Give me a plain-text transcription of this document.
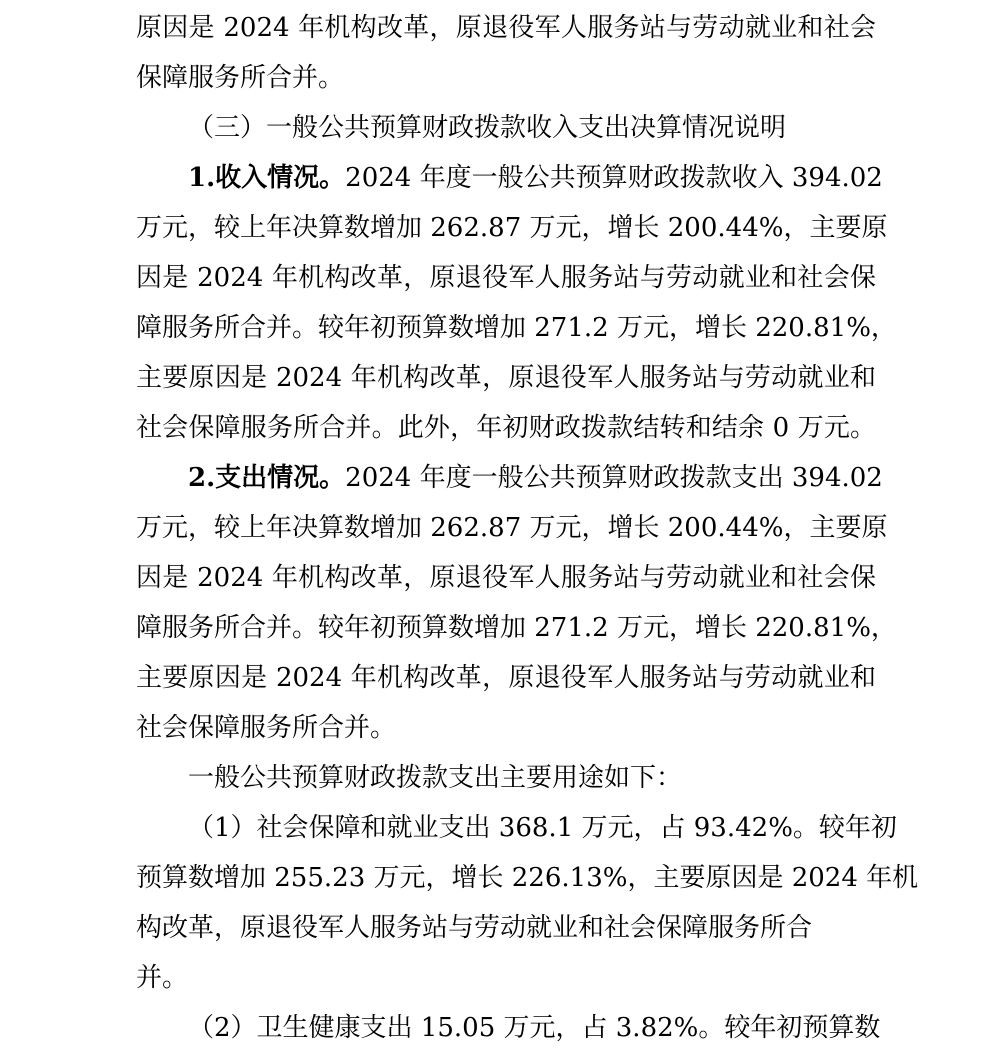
原因是 2024 年机构改革，原退役军人服务站与劳动就业和社会
保障服务所合并。
（三）一般公共预算财政拨款收入支出决算情况说明
1.收入情况。2024 年度一般公共预算财政拨款收入 394.02
万元，较上年决算数增加 262.87 万元，增长 200.44%，主要原
因是 2024 年机构改革，原退役军人服务站与劳动就业和社会保
障服务所合并。较年初预算数增加 271.2 万元，增长 220.81%，
主要原因是 2024 年机构改革，原退役军人服务站与劳动就业和
社会保障服务所合并。此外，年初财政拨款结转和结余 0 万元。
2.支出情况。2024 年度一般公共预算财政拨款支出 394.02
万元，较上年决算数增加 262.87 万元，增长 200.44%，主要原
因是 2024 年机构改革，原退役军人服务站与劳动就业和社会保
障服务所合并。较年初预算数增加 271.2 万元，增长 220.81%，
主要原因是 2024 年机构改革，原退役军人服务站与劳动就业和
社会保障服务所合并。
一般公共预算财政拨款支出主要用途如下：
（1）社会保障和就业支出 368.1 万元，占 93.42%。较年初
预算数增加 255.23 万元，增长 226.13%，主要原因是 2024 年机
构改革，原退役军人服务站与劳动就业和社会保障服务所合
并。
（2）卫生健康支出 15.05 万元，占 3.82%。较年初预算数
